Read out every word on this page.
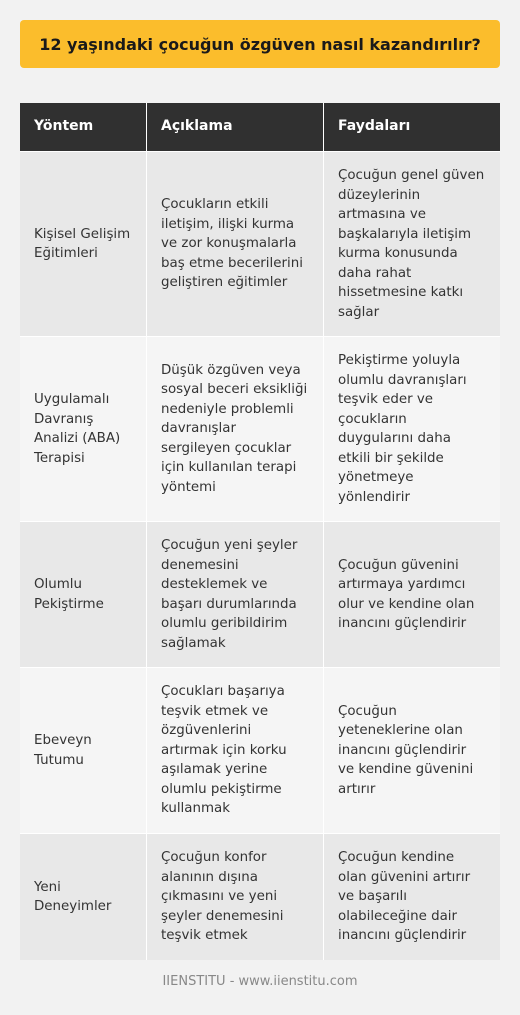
12 yaşındaki çocuğun özgüven nasıl kazandırılır?
Yöntem	Açıklama	Faydaları
Kişisel Gelişim Eğitimleri
Çocukların etkili iletişim, ilişki kurma ve zor konuşmalarla baş etme becerilerini geliştiren eğitimler
Çocuğun genel güven düzeylerinin artmasına ve başkalarıyla iletişim kurma konusunda daha rahat hissetmesine katkı sağlar
Uygulamalı Davranış Analizi (ABA) Terapisi
Düşük özgüven veya sosyal beceri eksikliği nedeniyle problemli davranışlar sergileyen çocuklar için kullanılan terapi yöntemi
Pekiştirme yoluyla olumlu davranışları teşvik eder ve çocukların duygularını daha etkili bir şekilde yönetmeye yönlendirir
Olumlu Pekiştirme
Çocuğun yeni şeyler denemesini desteklemek ve başarı durumlarında olumlu geribildirim sağlamak
Çocuğun güvenini artırmaya yardımcı olur ve kendine olan inancını güçlendirir
Ebeveyn Tutumu
Çocukları başarıya teşvik etmek ve özgüvenlerini artırmak için korku aşılamak yerine olumlu pekiştirme kullanmak
Çocuğun yeteneklerine olan inancını güçlendirir ve kendine güvenini artırır
Yeni Deneyimler
Çocuğun konfor alanının dışına çıkmasını ve yeni şeyler denemesini teşvik etmek
Çocuğun kendine olan güvenini artırır ve başarılı olabileceğine dair inancını güçlendirir
IIENSTITU - www.iienstitu.com
